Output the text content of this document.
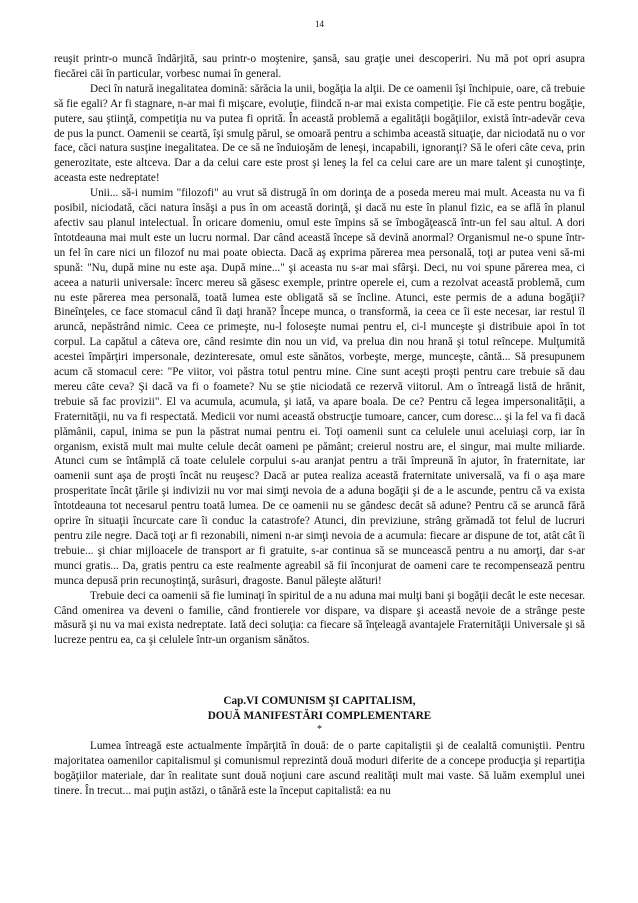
14

reuşit printr-o muncă îndârjită, sau printr-o moştenire, şansă, sau graţie unei descoperiri. Nu mă pot opri asupra fiecărei căi în particular, vorbesc numai în general.

Deci în natură inegalitatea domină: sărăcia la unii, bogăţia la alţii. De ce oamenii îşi închipuie, oare, că trebuie să fie egali? Ar fi stagnare, n-ar mai fi mişcare, evoluţie, fiindcă n-ar mai exista competiţie. Fie că este pentru bogăţie, putere, sau ştiinţă, competiţia nu va putea fi oprită. În această problemă a egalităţii bogăţiilor, există într-adevăr ceva de pus la punct. Oamenii se ceartă, îşi smulg părul, se omoară pentru a schimba această situaţie, dar niciodată nu o vor face, căci natura susţine inegalitatea. De ce să ne înduioşăm de leneşi, incapabili, ignoranţi? Să le oferi câte ceva, prin generozitate, este altceva. Dar a da celui care este prost şi leneş la fel ca celui care are un mare talent şi cunoştinţe, aceasta este nedreptate!

Unii... să-i numim "filozofi" au vrut să distrugă în om dorinţa de a poseda mereu mai mult. Aceasta nu va fi posibil, niciodată, căci natura însăşi a pus în om această dorinţă, şi dacă nu este în planul fizic, ea se află în planul afectiv sau planul intelectual. În oricare domeniu, omul este împins să se îmbogăţească într-un fel sau altul. A dori întotdeauna mai mult este un lucru normal. Dar când această începe să devină anormal? Organismul ne-o spune într-un fel în care nici un filozof nu mai poate obiecta. Dacă aş exprima părerea mea personală, toţi ar putea veni să-mi spună: "Nu, după mine nu este aşa. După mine..." şi aceasta nu s-ar mai sfârşi. Deci, nu voi spune părerea mea, ci aceea a naturii universale: încerc mereu să găsesc exemple, printre operele ei, cum a rezolvat această problemă, cum nu este părerea mea personală, toată lumea este obligată să se încline. Atunci, este permis de a aduna bogăţii? Bineînţeles, ce face stomacul când îi daţi hrană? Începe munca, o transformă, ia ceea ce îi este necesar, iar restul îl aruncă, nepăstrând nimic. Ceea ce primeşte, nu-l foloseşte numai pentru el, ci-l munceşte şi distribuie apoi în tot corpul. La capătul a câteva ore, când resimte din nou un vid, va prelua din nou hrană şi totul reîncepe. Mulţumită acestei împărţiri impersonale, dezinteresate, omul este sănătos, vorbeşte, merge, munceşte, cântă... Să presupunem acum că stomacul cere: "Pe viitor, voi păstra totul pentru mine. Cine sunt aceşti proşti pentru care trebuie să dau mereu câte ceva? Şi dacă va fi o foamete? Nu se ştie niciodată ce rezervă viitorul. Am o întreagă listă de hrănit, trebuie să fac provizii". El va acumula, acumula, şi iată, va apare boala. De ce? Pentru că legea impersonalităţii, a Fraternităţii, nu va fi respectată. Medicii vor numi această obstrucţie tumoare, cancer, cum doresc... şi la fel va fi dacă plămânii, capul, inima se pun la păstrat numai pentru ei. Toţi oamenii sunt ca celulele unui aceluiaşi corp, iar în organism, există mult mai multe celule decât oameni pe pământ; creierul nostru are, el singur, mai multe miliarde. Atunci cum se întâmplă că toate celulele corpului s-au aranjat pentru a trăi împreună în ajutor, în fraternitate, iar oamenii sunt aşa de proşti încât nu reuşesc? Dacă ar putea realiza această fraternitate universală, va fi o aşa mare prosperitate încât ţările şi indivizii nu vor mai simţi nevoia de a aduna bogăţii şi de a le ascunde, pentru că va exista întotdeauna tot necesarul pentru toată lumea. De ce oamenii nu se gândesc decât să adune? Pentru că se aruncă fără oprire în situaţii încurcate care îi conduc la catastrofe? Atunci, din previziune, strâng grămadă tot felul de lucruri pentru zile negre. Dacă toţi ar fi rezonabili, nimeni n-ar simţi nevoia de a acumula: fiecare ar dispune de tot, atât cât îi trebuie... şi chiar mijloacele de transport ar fi gratuite, s-ar continua să se muncească pentru a nu amorţi, dar s-ar munci gratis... Da, gratis pentru ca este realmente agreabil să fii înconjurat de oameni care te recompensează pentru munca depusă prin recunoştinţă, surâsuri, dragoste. Banul păleşte alături!

Trebuie deci ca oamenii să fie luminaţi în spiritul de a nu aduna mai mulţi bani şi bogăţii decât le este necesar. Când omenirea va deveni o familie, când frontierele vor dispare, va dispare şi această nevoie de a strânge peste măsură şi nu va mai exista nedreptate. Iată deci soluţia: ca fiecare să înţeleagă avantajele Fraternităţii Universale şi să lucreze pentru ea, ca şi celulele într-un organism sănătos.

Cap.VI COMUNISM ŞI CAPITALISM,
DOUĂ MANIFESTĂRI COMPLEMENTARE
*

Lumea întreagă este actualmente împărţită în două: de o parte capitaliştii şi de cealaltă comuniştii. Pentru majoritatea oamenilor capitalismul şi comunismul reprezintă două moduri diferite de a concepe producţia şi repartiţia bogăţiilor materiale, dar în realitate sunt două noţiuni care ascund realităţi mult mai vaste. Să luăm exemplul unei tinere. În trecut... mai puţin astăzi, o tânără este la început capitalistă: ea nu
